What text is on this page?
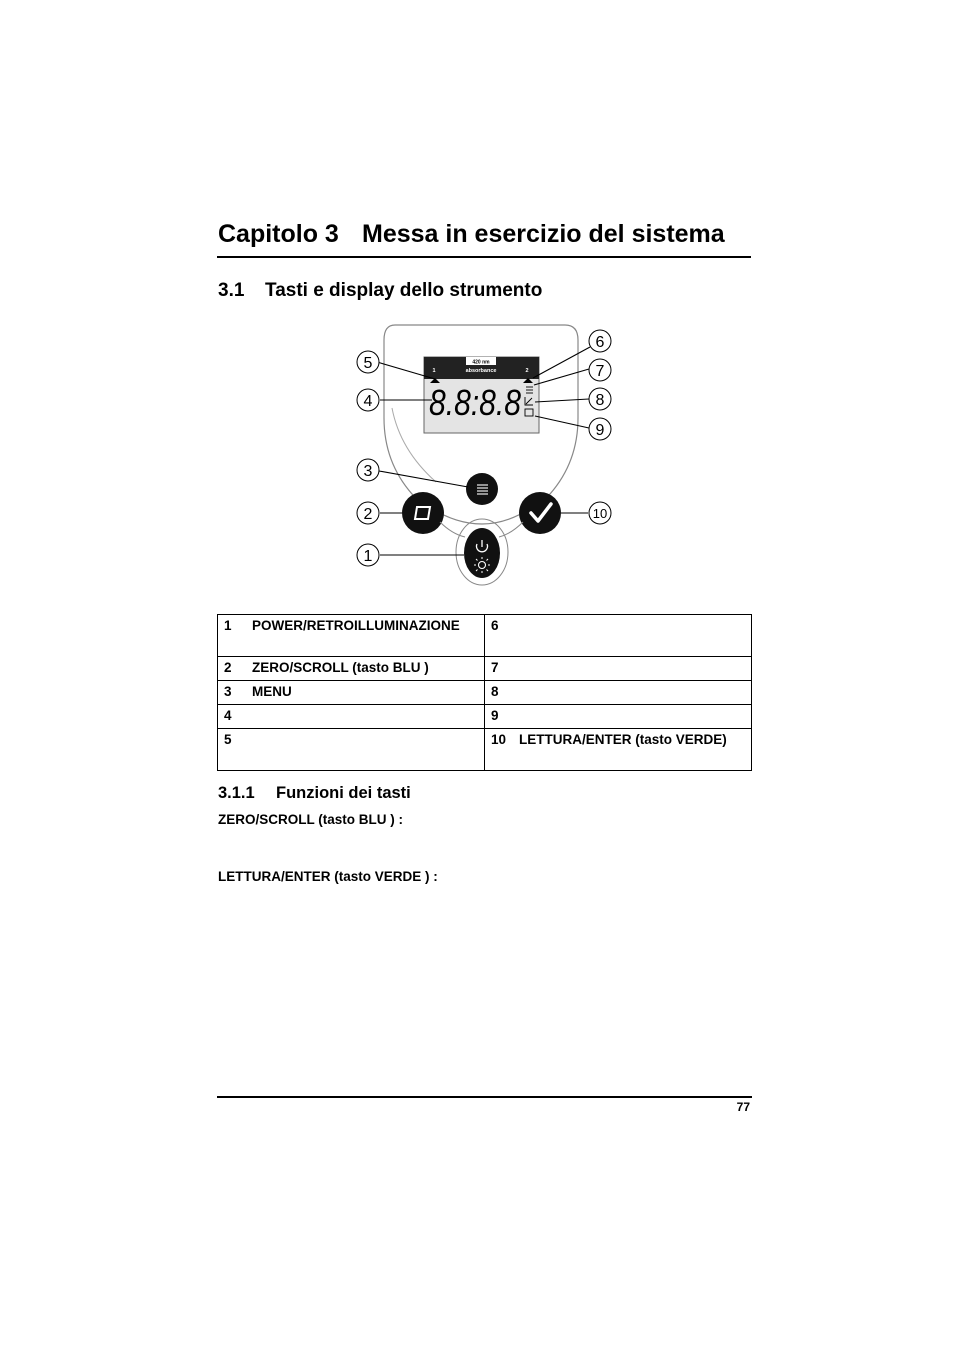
Capitolo 3 Messa in esercizio del sistema
3.1 Tasti e display dello strumento
420 nm
absorbance
1	2
8.8:8.8
5
4
3
2
1
6
7
8
9
10
1 POWER/RETROILLUMINAZIONE	6
2 ZERO/SCROLL (tasto BLU )	7
3 MENU	8
4	9
5	10 LETTURA/ENTER (tasto VERDE)
3.1.1 Funzioni dei tasti

ZERO/SCROLL (tasto BLU ) :

LETTURA/ENTER (tasto VERDE ) :

77
